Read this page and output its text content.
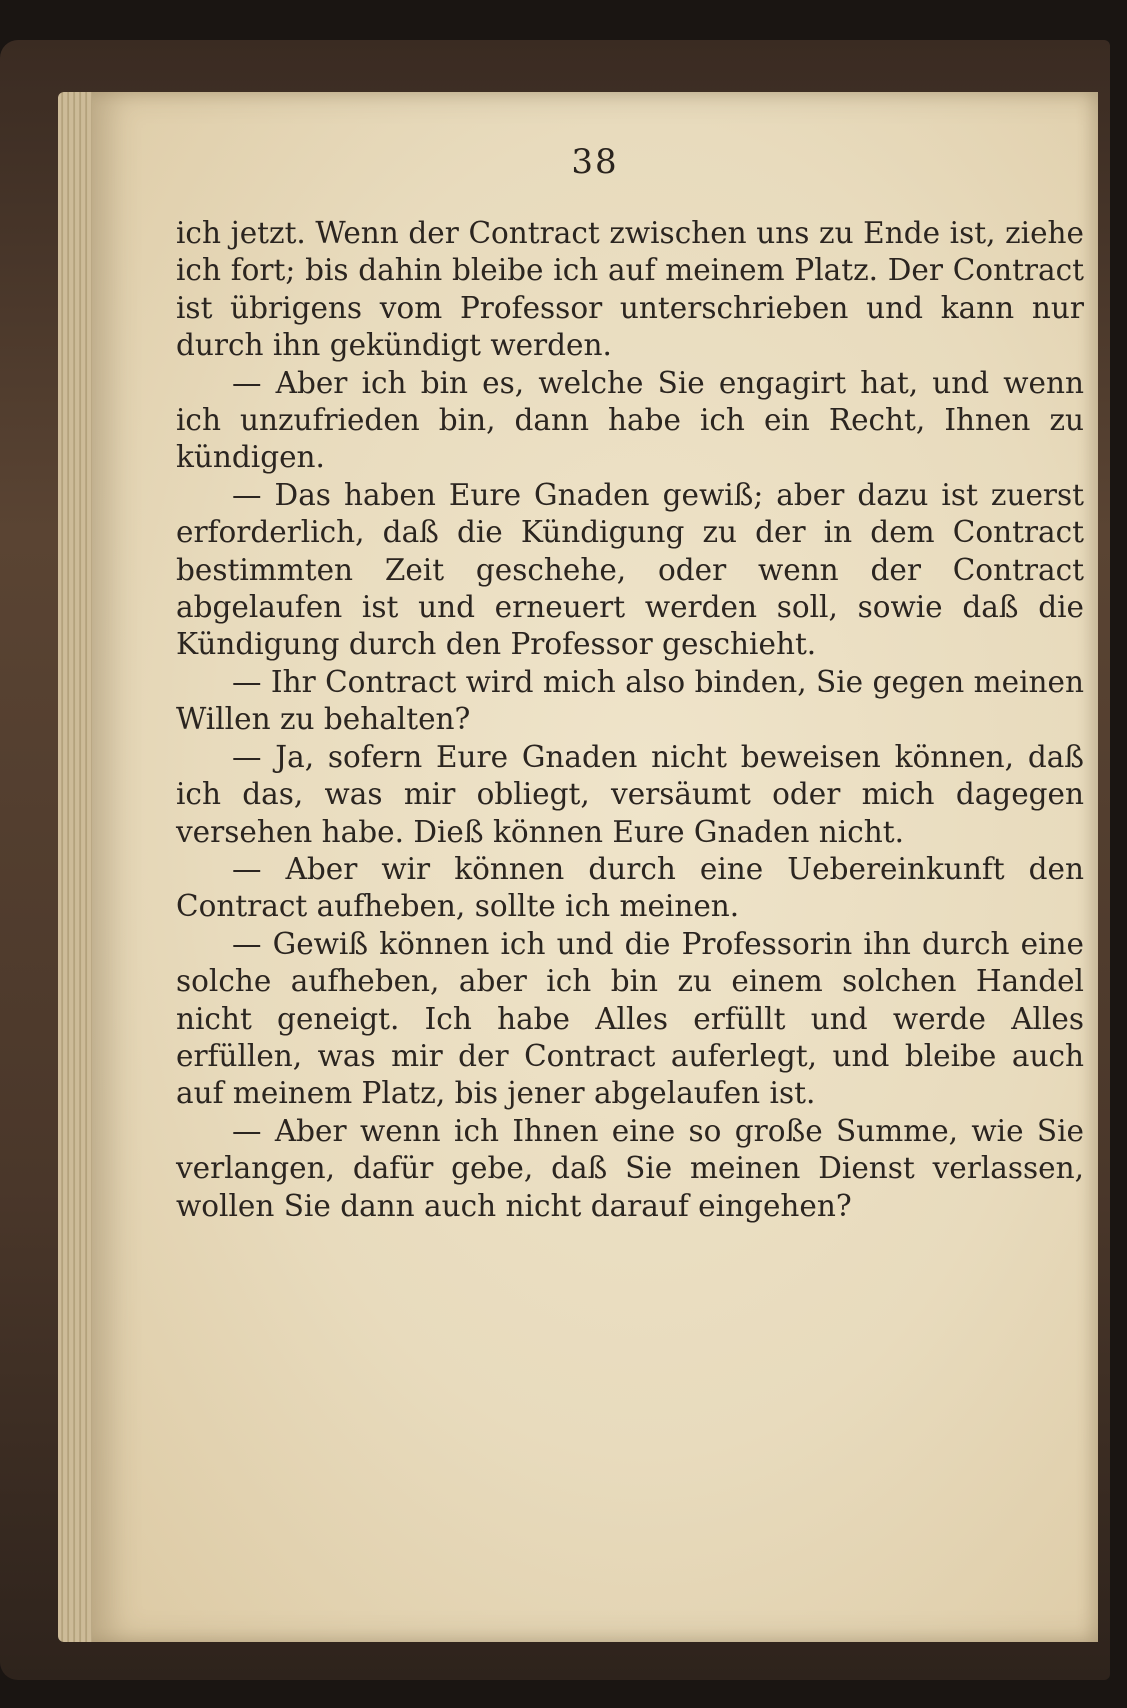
38

ich jetzt. Wenn der Contract zwischen uns zu Ende ist, ziehe ich fort; bis dahin bleibe ich auf meinem Platz. Der Contract ist übrigens vom Professor unterschrieben und kann nur durch ihn gekündigt werden.

— Aber ich bin es, welche Sie engagirt hat, und wenn ich unzufrieden bin, dann habe ich ein Recht, Ihnen zu kündigen.

— Das haben Eure Gnaden gewiß; aber dazu ist zuerst erforderlich, daß die Kündigung zu der in dem Contract bestimmten Zeit geschehe, oder wenn der Contract abgelaufen ist und erneuert werden soll, sowie daß die Kündigung durch den Professor geschieht.

— Ihr Contract wird mich also binden, Sie gegen meinen Willen zu behalten?

— Ja, sofern Eure Gnaden nicht beweisen können, daß ich das, was mir obliegt, versäumt oder mich dagegen versehen habe. Dieß können Eure Gnaden nicht.

— Aber wir können durch eine Uebereinkunft den Contract aufheben, sollte ich meinen.

— Gewiß können ich und die Professorin ihn durch eine solche aufheben, aber ich bin zu einem solchen Handel nicht geneigt. Ich habe Alles erfüllt und werde Alles erfüllen, was mir der Contract auferlegt, und bleibe auch auf meinem Platz, bis jener abgelaufen ist.

— Aber wenn ich Ihnen eine so große Summe, wie Sie verlangen, dafür gebe, daß Sie meinen Dienst verlassen, wollen Sie dann auch nicht darauf eingehen?
